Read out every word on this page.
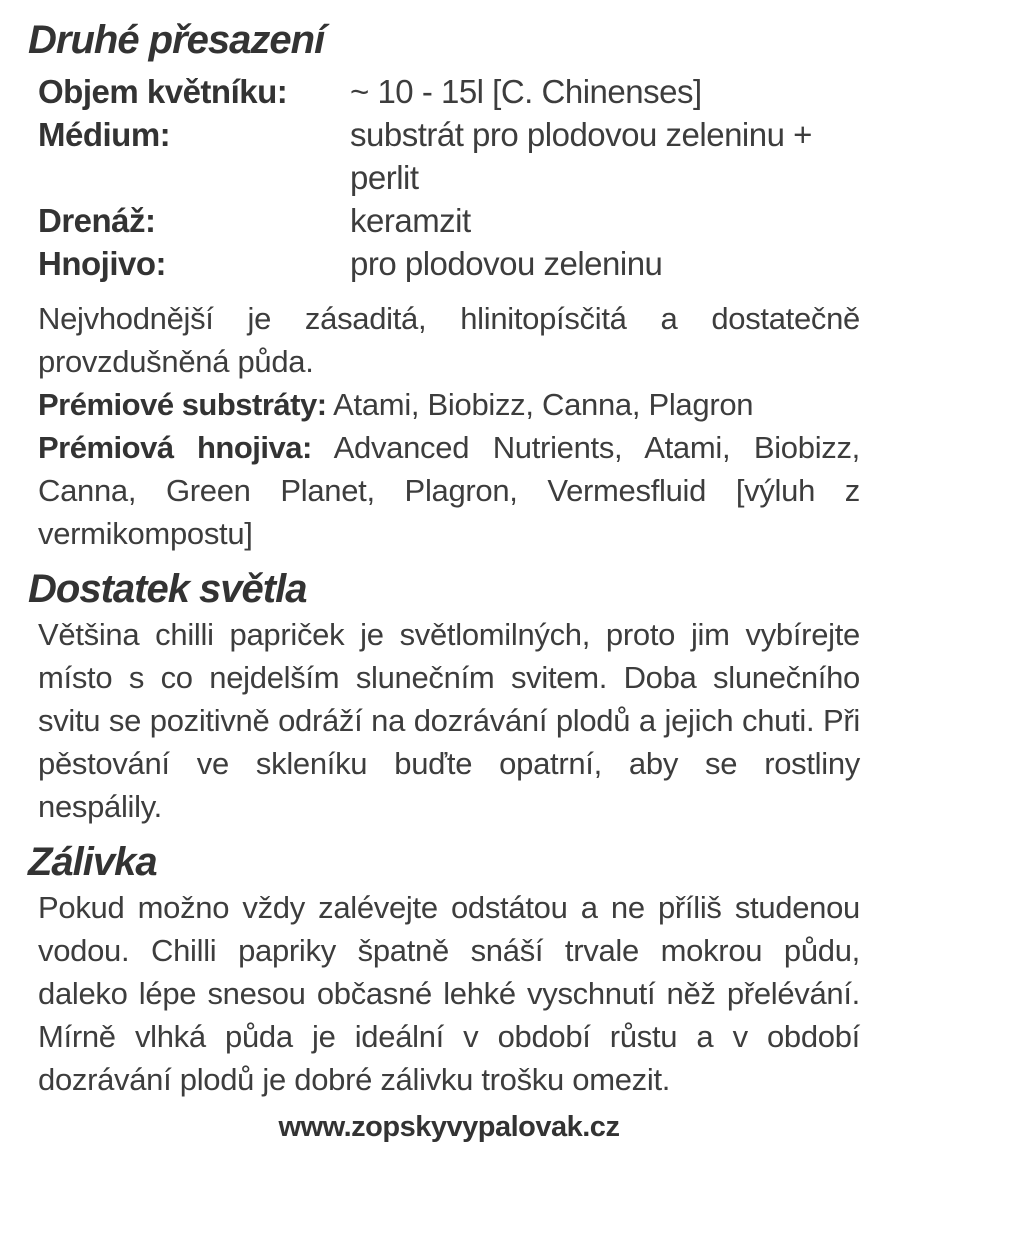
Druhé přesazení
Objem květníku:	~ 10 - 15l [C. Chinenses]
Médium:	substrát pro plodovou zeleninu + perlit
Drenáž:	keramzit
Hnojivo:	pro plodovou zeleninu

Nejvhodnější je zásaditá, hlinitopísčitá a dostatečně provzdušněná půda.

Prémiové substráty: Atami, Biobizz, Canna, Plagron

Prémiová hnojiva: Advanced Nutrients, Atami, Biobizz, Canna, Green Planet, Plagron, Vermesfluid [výluh z vermikompostu]

Dostatek světla

Většina chilli papriček je světlomilných, proto jim vybírejte místo s co nejdelším slunečním svitem. Doba slunečního svitu se pozitivně odráží na dozrávání plodů a jejich chuti. Při pěstování ve skleníku buďte opatrní, aby se rostliny nespálily.

Zálivka

Pokud možno vždy zalévejte odstátou a ne příliš studenou vodou. Chilli papriky špatně snáší trvale mokrou půdu, daleko lépe snesou občasné lehké vyschnutí něž přelévání. Mírně vlhká půda je ideální v období růstu a v období dozrávání plodů je dobré zálivku trošku omezit.

www.zopskyvypalovak.cz
